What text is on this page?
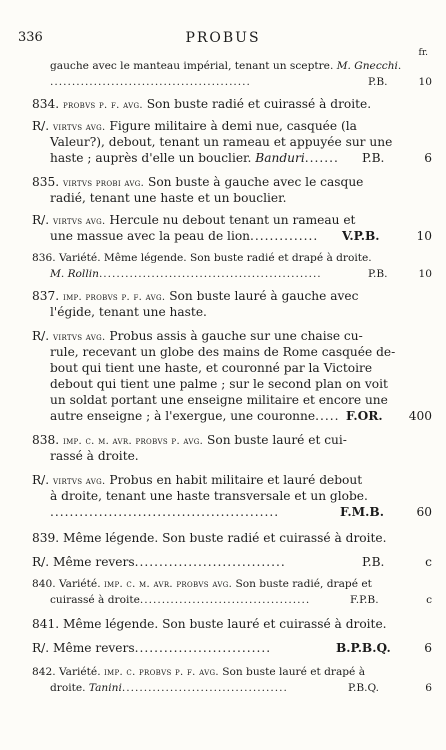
336	PROBUS
fr.
gauche avec le manteau impérial, tenant un sceptre. M. Gnecchi.
..............................................	P.B.	10
834. probvs p. f. avg. Son buste radié et cuirassé à droite.
R/. virtvs avg. Figure militaire à demi nue, casquée (la
Valeur?), debout, tenant un rameau et appuyée sur une
haste ; auprès d'elle un bouclier. Banduri....... P.B.	6
835. virtvs probi avg. Son buste à gauche avec le casque
radié, tenant une haste et un bouclier.
R/. virtvs avg. Hercule nu debout tenant un rameau et
une massue avec la peau de lion.............. V.P.B.	10
836. Variété. Même légende. Son buste radié et drapé à droite.
M. Rollin...................................................	P.B.	10
837. imp. probvs p. f. avg. Son buste lauré à gauche avec
l'égide, tenant une haste.
R/. virtvs avg. Probus assis à gauche sur une chaise cu-
rule, recevant un globe des mains de Rome casquée de-
bout qui tient une haste, et couronné par la Victoire
debout qui tient une palme ; sur le second plan on voit
un soldat portant une enseigne militaire et encore une
autre enseigne ; à l'exergue, une couronne..... F.OR.	400
838. imp. c. m. avr. probvs p. avg. Son buste lauré et cui-
rassé à droite.
R/. virtvs avg. Probus en habit militaire et lauré debout
à droite, tenant une haste transversale et un globe.
...............................................	F.M.B.	60
839. Même légende. Son buste radié et cuirassé à droite.
R/. Même revers...............................	P.B.	c
840. Variété. imp. c. m. avr. probvs avg. Son buste radié, drapé et
cuirassé à droite.......................................	F.P.B.	c
841. Même légende. Son buste lauré et cuirassé à droite.
R/. Même revers............................	B.P.B.Q.	6
842. Variété. imp. c. probvs p. f. avg. Son buste lauré et drapé à
droite. Tanini......................................	P.B.Q.	6
